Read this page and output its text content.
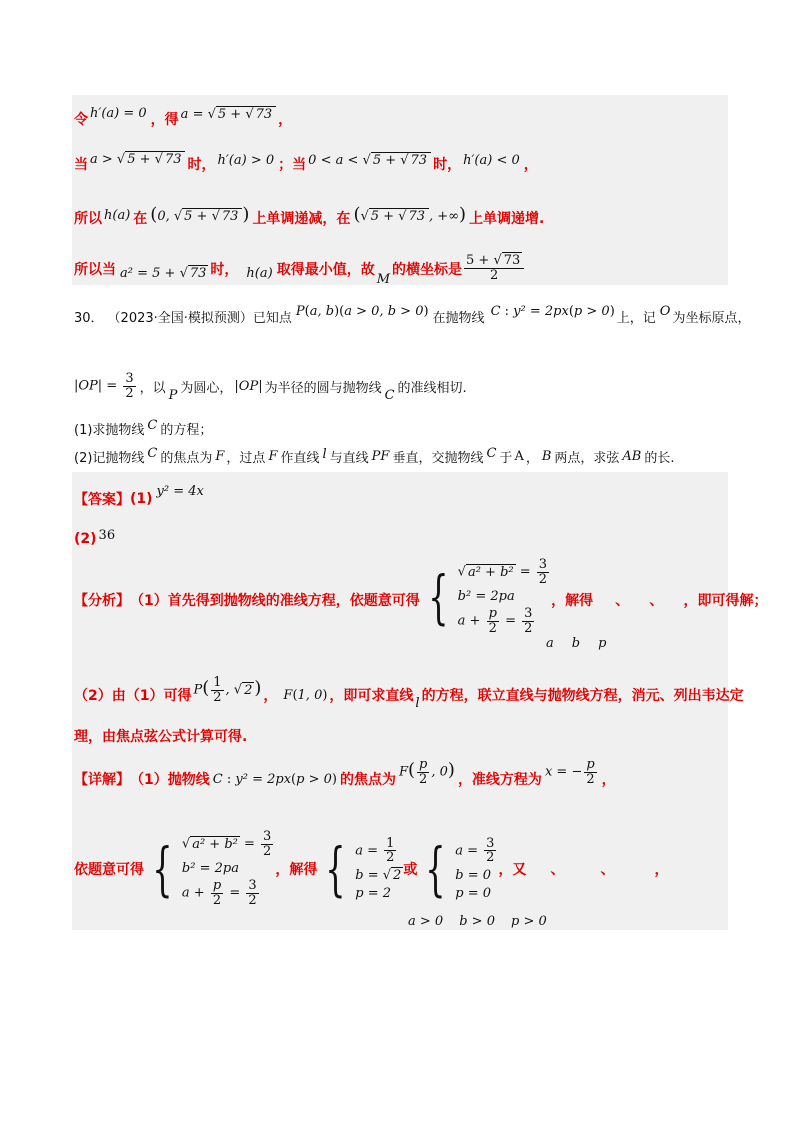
令 h′(a) = 0 ，得 a = √ 5 + √ 73 ，
当 a > √ 5 + √ 73 时， h′(a) > 0 ；当 0 < a < √ 5 + √ 73 时， h′(a) < 0 ，
所以 h(a) 在 (0, √ 5 + √ 73 ) 上单调递减，在 (√ 5 + √ 73 , +∞) 上单调递增.
所以当 a² = 5 + √ 73 时， h(a) 取得最小值，故
M
的横坐标是 $\frac{5 + √ 73}{2}$
30． （2023·全国·模拟预测）已知点 P(a, b)(a > 0, b > 0) 在抛物线 C : y² = 2px(p > 0) 上，记 O 为坐标原点，
$|OP| = \frac{3}{2}$ ，以 P 为圆心， |OP| 为半径的圆与抛物线 C 的准线相切.
(1)求抛物线 C 的方程；
(2)记抛物线 C 的焦点为 F ，过点 F 作直线 l 与直线 PF 垂直，交抛物线 C 于 A ， B 两点，求弦 AB 的长.
【答案】 (1) y² = 4x
(2) 36
【分析】 （1）首先得到抛物线的准线方程，依题意可得 { √ $a^2 + b^2 = \frac{3}{2}$
b² = 2pa
$a + \frac{p}{2} = \frac{3}{2}$
，解得
、
、
，即可得解；
a b p
（2）由（1）可得 $P( \frac{1}{2}$ , √ 2 ) ， F(1, 0) ，即可求直线 l 的方程，联立直线与抛物线方程，消元、列出韦达定
理，由焦点弦公式计算可得.
【详解】 （1）抛物线 C : y² = 2px(p > 0) 的焦点为 $F( \frac{p}{2}$ , 0) ，准线方程为 x = − $\frac{p}{2}$ ，
依题意可得 { √ $a^2 + b^2 = \frac{3}{2}$
b² = 2pa
$a + \frac{p}{2} = \frac{3}{2}$
，解得 { $a = \frac{1}{2}$
b = √ 2
p = 2
或 { $a = \frac{3}{2}$
b = 0
p = 0
，又 、	、	，
a > 0 b > 0 p > 0
